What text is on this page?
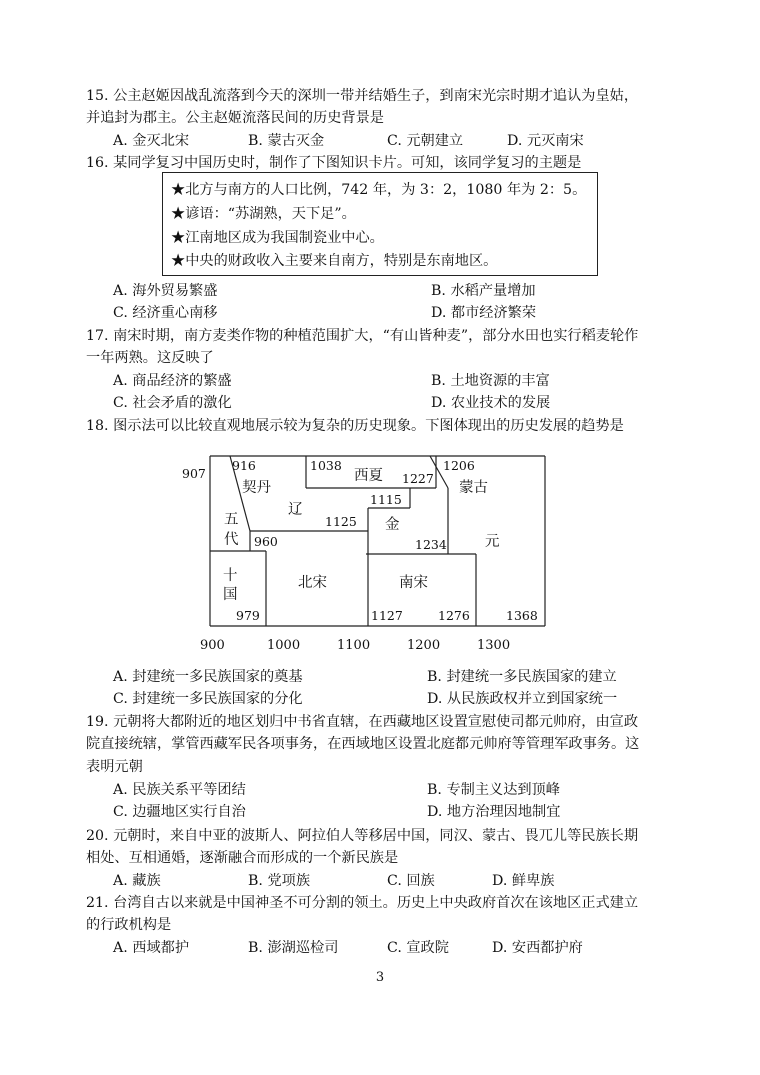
15. 公主赵姬因战乱流落到今天的深圳一带并结婚生子，到南宋光宗时期才追认为皇姑，
并追封为郡主。公主赵姬流落民间的历史背景是
A. 金灭北宋	B. 蒙古灭金	C. 元朝建立	D. 元灭南宋
16. 某同学复习中国历史时，制作了下图知识卡片。可知，该同学复习的主题是
★北方与南方的人口比例，742 年，为 3：2，1080 年为 2：5。
★谚语：“苏湖熟，天下足”。
★江南地区成为我国制瓷业中心。
★中央的财政收入主要来自南方，特别是东南地区。
A. 海外贸易繁盛	B. 水稻产量增加
C. 经济重心南移	D. 都市经济繁荣
17. 南宋时期，南方麦类作物的种植范围扩大，“有山皆种麦”，部分水田也实行稻麦轮作
一年两熟。这反映了
A. 商品经济的繁盛	B. 土地资源的丰富
C. 社会矛盾的激化	D. 农业技术的发展
18. 图示法可以比较直观地展示较为复杂的历史现象。下图体现出的历史发展的趋势是
907
916	1038
1227
1206
1115
1125
960	1234
979	1127	1276	1368
契丹
辽
西夏
蒙古
金
元
五
代
十
国
北宋	南宋
900	1000	1100	1200	1300
A. 封建统一多民族国家的奠基	B. 封建统一多民族国家的建立
C. 封建统一多民族国家的分化	D. 从民族政权并立到国家统一
19. 元朝将大都附近的地区划归中书省直辖，在西藏地区设置宣慰使司都元帅府，由宣政
院直接统辖，掌管西藏军民各项事务，在西域地区设置北庭都元帅府等管理军政事务。这
表明元朝
A. 民族关系平等团结	B. 专制主义达到顶峰
C. 边疆地区实行自治	D. 地方治理因地制宜
20. 元朝时，来自中亚的波斯人、阿拉伯人等移居中国，同汉、蒙古、畏兀儿等民族长期
相处、互相通婚，逐渐融合而形成的一个新民族是
A. 藏族	B. 党项族	C. 回族	D. 鲜卑族
21. 台湾自古以来就是中国神圣不可分割的领土。历史上中央政府首次在该地区正式建立
的行政机构是
A. 西域都护	B. 澎湖巡检司	C. 宣政院	D. 安西都护府
3
